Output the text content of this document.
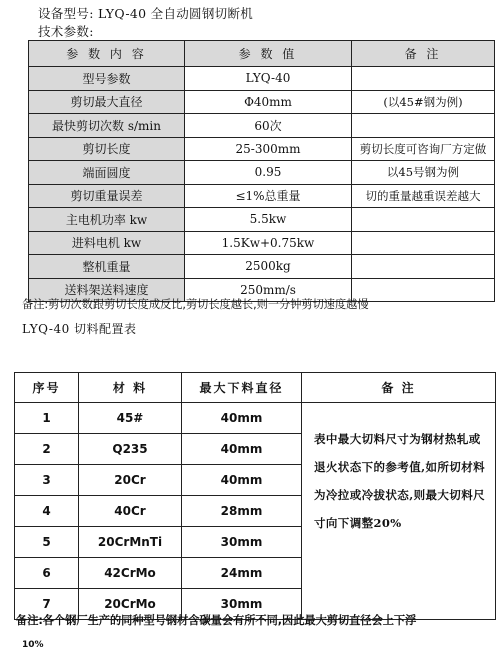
设备型号: LYQ-40 全自动圆钢切断机
技术参数:
参 数 内 容	参 数 值	备 注
型号参数	LYQ-40	
剪切最大直径	Φ40mm	(以45#钢为例)
最快剪切次数 s/min	60次	
剪切长度	25-300mm	剪切长度可咨询厂方定做
端面圆度	0.95	以45号钢为例
剪切重量误差	≤1%总重量	切的重量越重误差越大
主电机功率 kw	5.5kw	
进料电机 kw	1.5Kw+0.75kw	
整机重量	2500kg	
送料架送料速度	250mm/s	
备注:剪切次数跟剪切长度成反比,剪切长度越长,则一分钟剪切速度越慢
LYQ-40 切料配置表
序号	材 料	最大下料直径	备 注
1	45#	40mm	表中最大切料尺寸为钢材热轧或退火状态下的参考值,如所切材料为冷拉或冷拔状态,则最大切料尺寸向下调整20%
2	Q235	40mm	
3	20Cr	40mm	
4	40Cr	28mm	
5	20CrMnTi	30mm	
6	42CrMo	24mm	
7	20CrMo	30mm	
备注:各个钢厂生产的同种型号钢材含碳量会有所不同,因此最大剪切直径会上下浮
10%
